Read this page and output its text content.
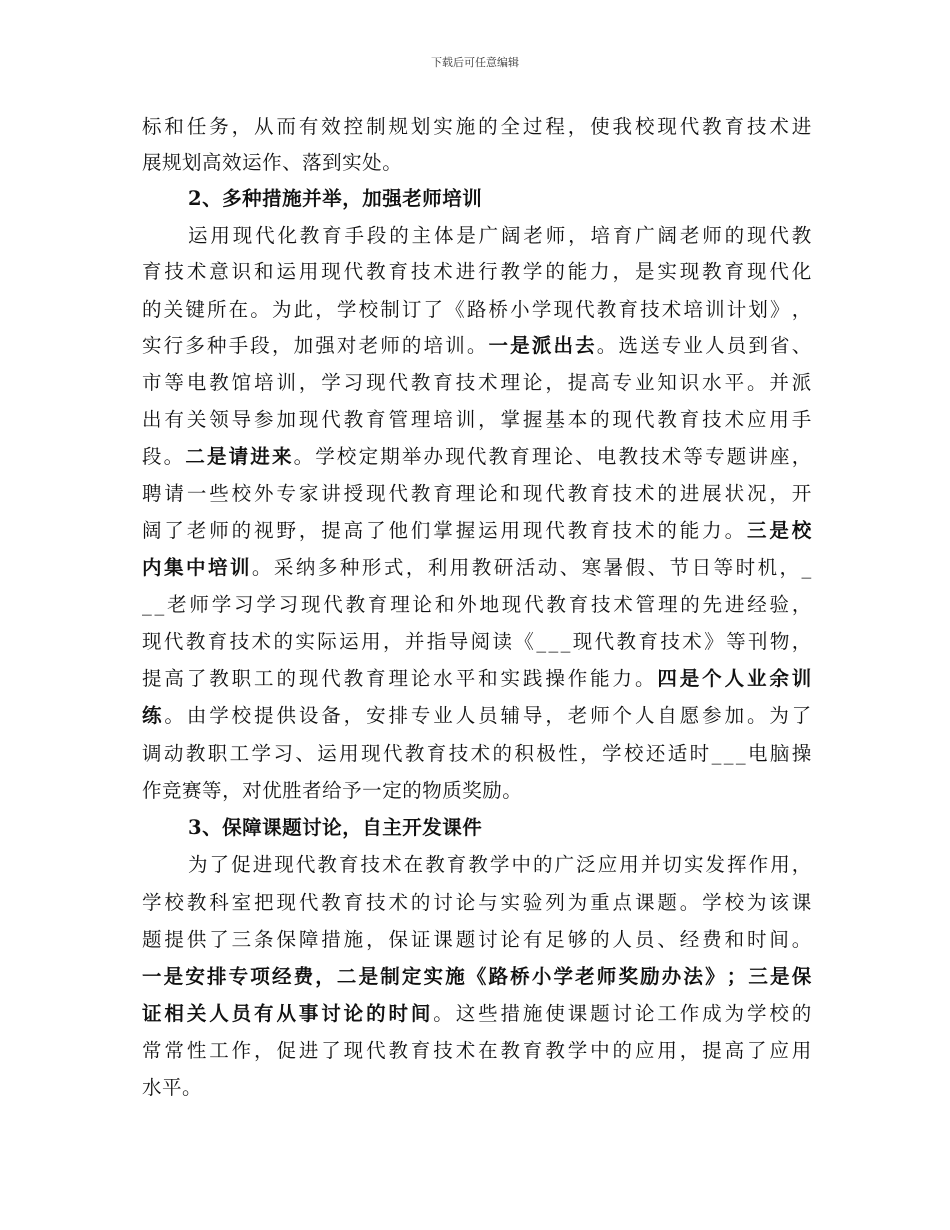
下载后可任意编辑
标 和 任 务 ， 从 而 有 效 控 制 规 划 实 施 的 全 过 程 ， 使 我 校 现 代 教 育 技 术 进
展规划高效运作、落到实处。
2、多种措施并举，加强老师培训
运 用 现 代 化 教 育 手 段 的 主 体 是 广 阔 老 师 ， 培 育 广 阔 老 师 的 现 代 教
育 技 术 意 识 和 运 用 现 代 教 育 技 术 进 行 教 学 的 能 力 ， 是 实 现 教 育 现 代 化
的 关 键 所 在 。 为 此 ， 学 校 制 订 了 《 路 桥 小 学 现 代 教 育 技 术 培 训 计 划 》 ，
实 行 多 种 手 段 ， 加 强 对 老 师 的 培 训 。 一 是 派 出 去 。 选 送 专 业 人 员 到 省 、
市 等 电 教 馆 培 训 ， 学 习 现 代 教 育 技 术 理 论 ， 提 高 专 业 知 识 水 平 。 并 派
出 有 关 领 导 参 加 现 代 教 育 管 理 培 训 ， 掌 握 基 本 的 现 代 教 育 技 术 应 用 手
段 。 二 是 请 进 来 。 学 校 定 期 举 办 现 代 教 育 理 论 、 电 教 技 术 等 专 题 讲 座 ，
聘 请 一 些 校 外 专 家 讲 授 现 代 教 育 理 论 和 现 代 教 育 技 术 的 进 展 状 况 ， 开
阔 了 老 师 的 视 野 ， 提 高 了 他 们 掌 握 运 用 现 代 教 育 技 术 的 能 力 。 三 是 校
内 集 中 培 训 。 采 纳 多 种 形 式 ， 利 用 教 研 活 动 、 寒 暑 假 、 节 日 等 时 机 ， _
_ _ 老 师 学 习 学 习 现 代 教 育 理 论 和 外 地 现 代 教 育 技 术 管 理 的 先 进 经 验 ，
现 代 教 育 技 术 的 实 际 运 用 ， 并 指 导 阅 读 《 _ _ _ 现 代 教 育 技 术 》 等 刊 物 ，
提 高 了 教 职 工 的 现 代 教 育 理 论 水 平 和 实 践 操 作 能 力 。 四 是 个 人 业 余 训
练 。 由 学 校 提 供 设 备 ， 安 排 专 业 人 员 辅 导 ， 老 师 个 人 自 愿 参 加 。 为 了
调 动 教 职 工 学 习 、 运 用 现 代 教 育 技 术 的 积 极 性 ， 学 校 还 适 时 _ _ _ 电 脑 操
作竞赛等，对优胜者给予一定的物质奖励。
3、保障课题讨论，自主开发课件
为 了 促 进 现 代 教 育 技 术 在 教 育 教 学 中 的 广 泛 应 用 并 切 实 发 挥 作 用 ，
学 校 教 科 室 把 现 代 教 育 技 术 的 讨 论 与 实 验 列 为 重 点 课 题 。 学 校 为 该 课
题 提 供 了 三 条 保 障 措 施 ， 保 证 课 题 讨 论 有 足 够 的 人 员 、 经 费 和 时 间 。
一 是 安 排 专 项 经 费 ， 二 是 制 定 实 施 《 路 桥 小 学 老 师 奖 励 办 法 》 ； 三 是 保
证 相 关 人 员 有 从 事 讨 论 的 时 间 。 这 些 措 施 使 课 题 讨 论 工 作 成 为 学 校 的
常 常 性 工 作 ， 促 进 了 现 代 教 育 技 术 在 教 育 教 学 中 的 应 用 ， 提 高 了 应 用
水平。
